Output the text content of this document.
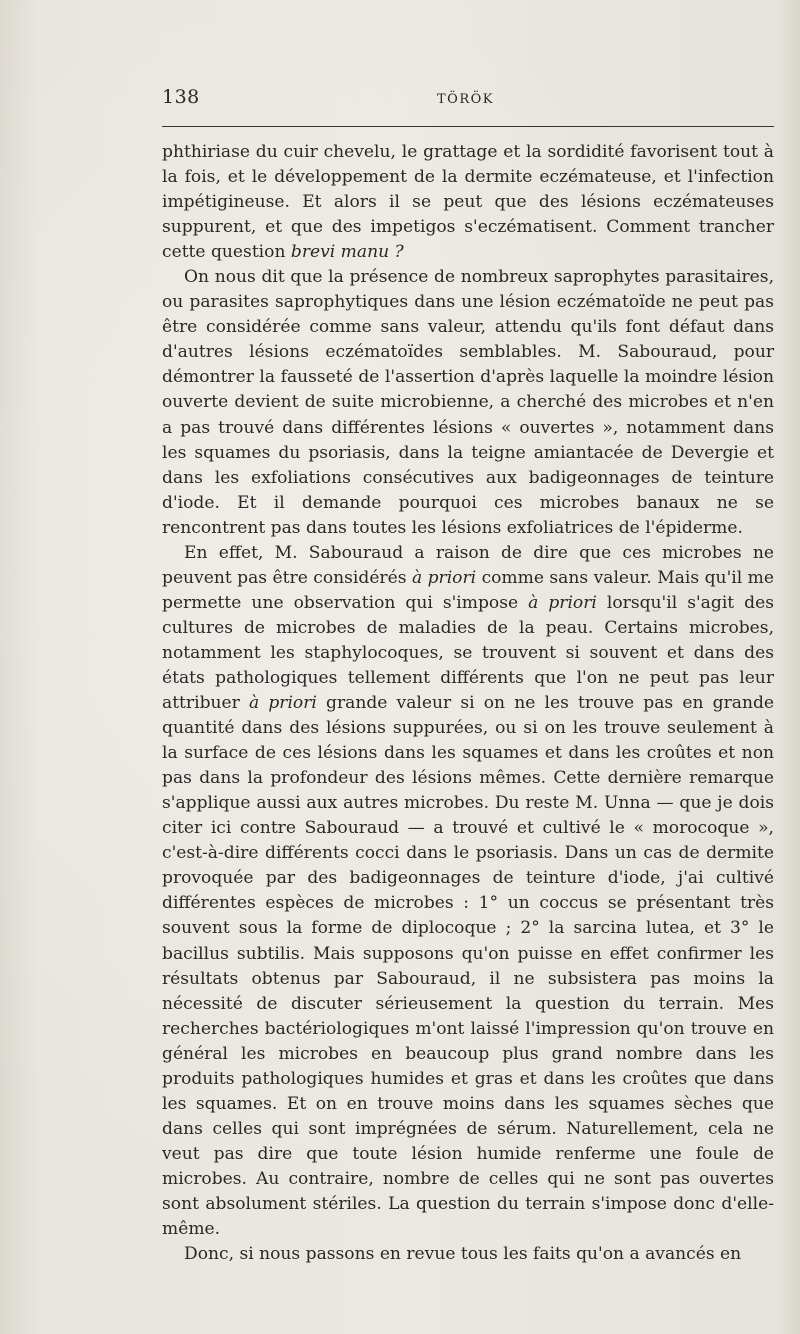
138	TÖRÖK

phthiriase du cuir chevelu, le grattage et la sordidité favorisent tout à la fois, et le développement de la dermite eczémateuse, et l'infection impétigineuse. Et alors il se peut que des lésions eczémateuses suppurent, et que des impetigos s'eczématisent. Comment trancher cette question brevi manu ?

On nous dit que la présence de nombreux saprophytes parasitaires, ou parasites saprophytiques dans une lésion eczématoïde ne peut pas être considérée comme sans valeur, attendu qu'ils font défaut dans d'autres lésions eczématoïdes semblables. M. Sabouraud, pour démontrer la fausseté de l'assertion d'après laquelle la moindre lésion ouverte devient de suite microbienne, a cherché des microbes et n'en a pas trouvé dans différentes lésions « ouvertes », notamment dans les squames du psoriasis, dans la teigne amiantacée de Devergie et dans les exfoliations consécutives aux badigeonnages de teinture d'iode. Et il demande pourquoi ces microbes banaux ne se rencontrent pas dans toutes les lésions exfoliatrices de l'épiderme.

En effet, M. Sabouraud a raison de dire que ces microbes ne peuvent pas être considérés à priori comme sans valeur. Mais qu'il me permette une observation qui s'impose à priori lorsqu'il s'agit des cultures de microbes de maladies de la peau. Certains microbes, notamment les staphylocoques, se trouvent si souvent et dans des états pathologiques tellement différents que l'on ne peut pas leur attribuer à priori grande valeur si on ne les trouve pas en grande quantité dans des lésions suppurées, ou si on les trouve seulement à la surface de ces lésions dans les squames et dans les croûtes et non pas dans la profondeur des lésions mêmes. Cette dernière remarque s'applique aussi aux autres microbes. Du reste M. Unna — que je dois citer ici contre Sabouraud — a trouvé et cultivé le « morocoque », c'est-à-dire différents cocci dans le psoriasis. Dans un cas de dermite provoquée par des badigeonnages de teinture d'iode, j'ai cultivé différentes espèces de microbes : 1° un coccus se présentant très souvent sous la forme de diplocoque ; 2° la sarcina lutea, et 3° le bacillus subtilis. Mais supposons qu'on puisse en effet confirmer les résultats obtenus par Sabouraud, il ne subsistera pas moins la nécessité de discuter sérieusement la question du terrain. Mes recherches bactériologiques m'ont laissé l'impression qu'on trouve en général les microbes en beaucoup plus grand nombre dans les produits pathologiques humides et gras et dans les croûtes que dans les squames. Et on en trouve moins dans les squames sèches que dans celles qui sont imprégnées de sérum. Naturellement, cela ne veut pas dire que toute lésion humide renferme une foule de microbes. Au contraire, nombre de celles qui ne sont pas ouvertes sont absolument stériles. La question du terrain s'impose donc d'elle-même.

Donc, si nous passons en revue tous les faits qu'on a avancés en
